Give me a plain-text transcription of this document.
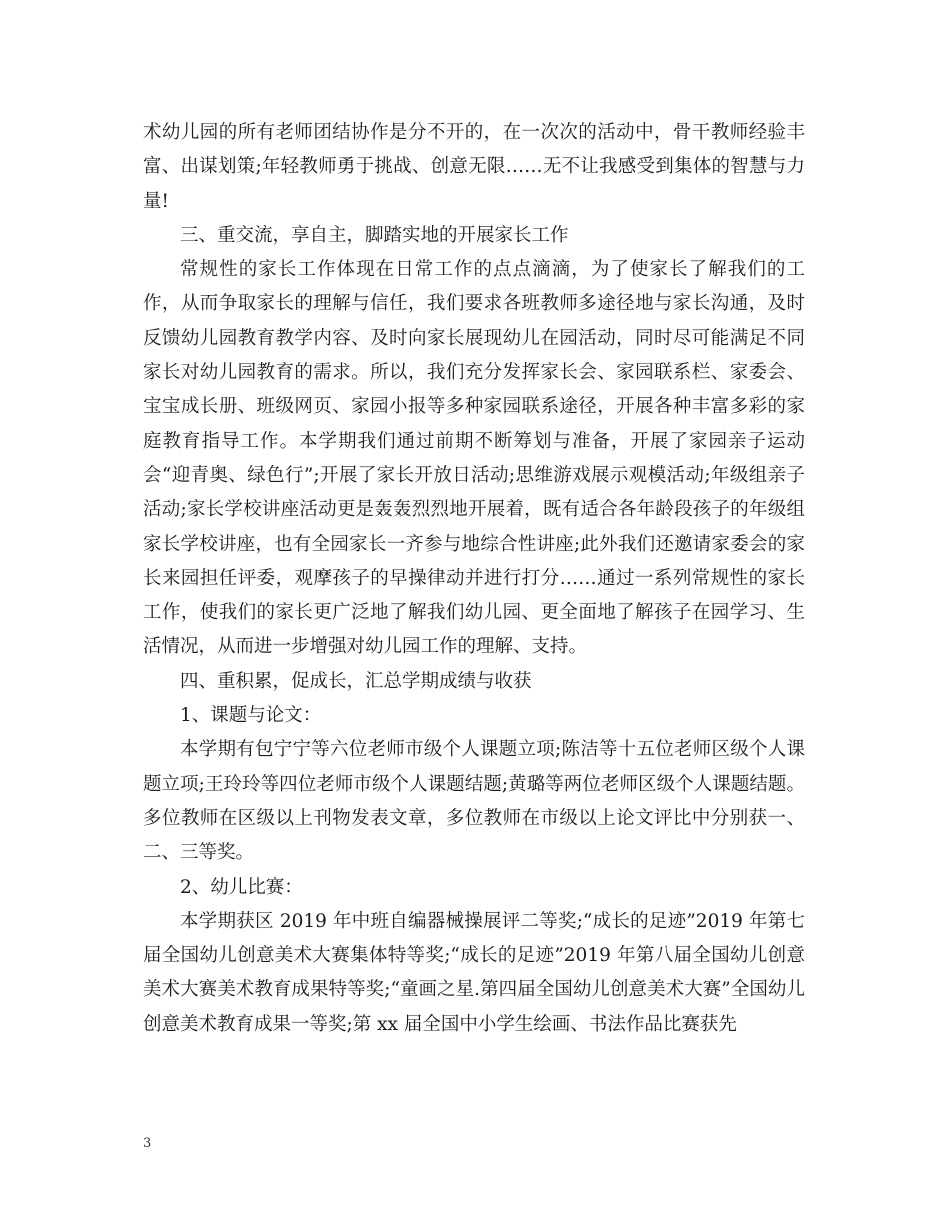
术幼儿园的所有老师团结协作是分不开的，在一次次的活动中，骨干教师经验丰富、出谋划策;年轻教师勇于挑战、创意无限……无不让我感受到集体的智慧与力量!

三、重交流，享自主，脚踏实地的开展家长工作

常规性的家长工作体现在日常工作的点点滴滴，为了使家长了解我们的工作，从而争取家长的理解与信任，我们要求各班教师多途径地与家长沟通，及时反馈幼儿园教育教学内容、及时向家长展现幼儿在园活动，同时尽可能满足不同家长对幼儿园教育的需求。所以，我们充分发挥家长会、家园联系栏、家委会、宝宝成长册、班级网页、家园小报等多种家园联系途径，开展各种丰富多彩的家庭教育指导工作。本学期我们通过前期不断筹划与准备，开展了家园亲子运动会“迎青奥、绿色行”;开展了家长开放日活动;思维游戏展示观模活动;年级组亲子活动;家长学校讲座活动更是轰轰烈烈地开展着，既有适合各年龄段孩子的年级组家长学校讲座，也有全园家长一齐参与地综合性讲座;此外我们还邀请家委会的家长来园担任评委，观摩孩子的早操律动并进行打分……通过一系列常规性的家长工作，使我们的家长更广泛地了解我们幼儿园、更全面地了解孩子在园学习、生活情况，从而进一步增强对幼儿园工作的理解、支持。

四、重积累，促成长，汇总学期成绩与收获

1、课题与论文：

本学期有包宁宁等六位老师市级个人课题立项;陈洁等十五位老师区级个人课题立项;王玲玲等四位老师市级个人课题结题;黄璐等两位老师区级个人课题结题。多位教师在区级以上刊物发表文章，多位教师在市级以上论文评比中分别获一、二、三等奖。

2、幼儿比赛：

本学期获区 2019 年中班自编器械操展评二等奖;“成长的足迹”2019 年第七届全国幼儿创意美术大赛集体特等奖;“成长的足迹”2019 年第八届全国幼儿创意美术大赛美术教育成果特等奖;“童画之星.第四届全国幼儿创意美术大赛”全国幼儿创意美术教育成果一等奖;第 xx 届全国中小学生绘画、书法作品比赛获先

3
